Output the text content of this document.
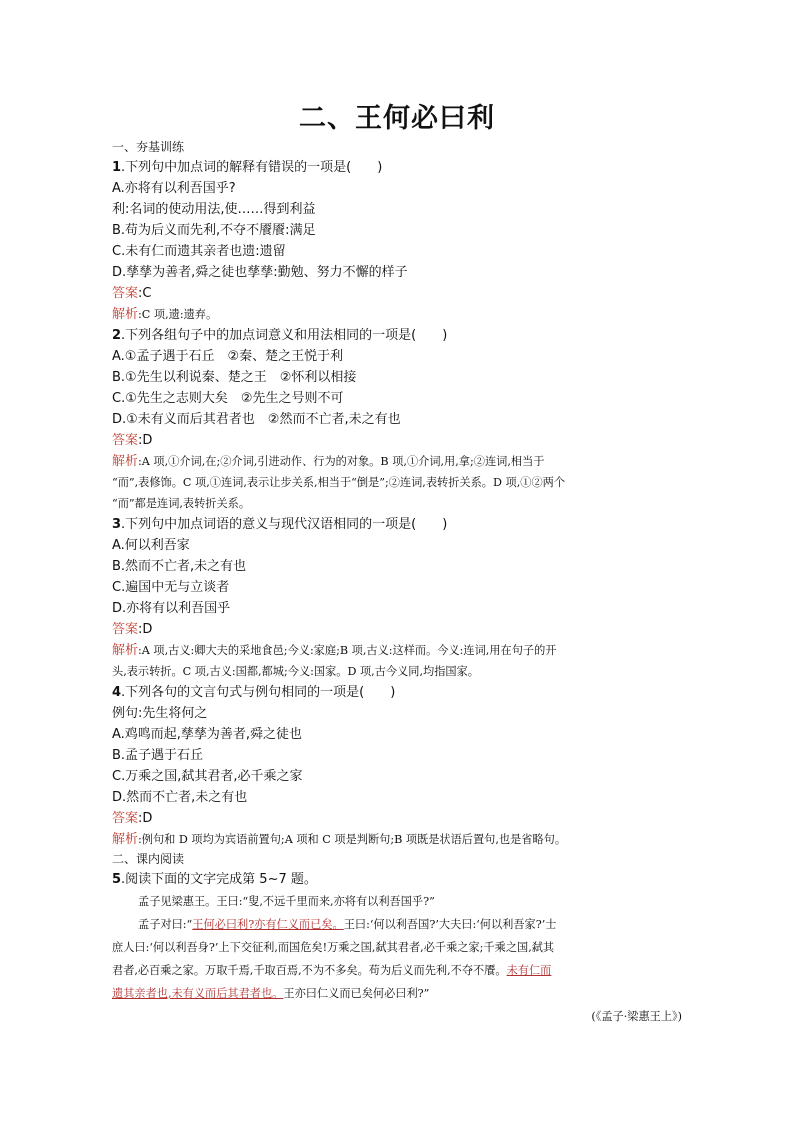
二、王何必曰利
一、夯基训练
1.下列句中加点词的解释有错误的一项是(　　)
A.亦将有以利吾国乎?
利:名词的使动用法,使……得到利益
B.苟为后义而先利,不夺不餍餍:满足
C.未有仁而遗其亲者也遗:遗留
D.孳孳为善者,舜之徒也孳孳:勤勉、努力不懈的样子
答案:C
解析:C 项,遗:遗弃。
2.下列各组句子中的加点词意义和用法相同的一项是(　　)
A.①孟子遇于石丘　②秦、楚之王悦于利
B.①先生以利说秦、楚之王　②怀利以相接
C.①先生之志则大矣　②先生之号则不可
D.①未有义而后其君者也　②然而不亡者,未之有也
答案:D
解析:A 项,①介词,在;②介词,引进动作、行为的对象。B 项,①介词,用,拿;②连词,相当于
“而”,表修饰。C 项,①连词,表示让步关系,相当于“倒是”;②连词,表转折关系。D 项,①②两个
“而”都是连词,表转折关系。
3.下列句中加点词语的意义与现代汉语相同的一项是(　　)
A.何以利吾家
B.然而不亡者,未之有也
C.遍国中无与立谈者
D.亦将有以利吾国乎
答案:D
解析:A 项,古义:卿大夫的采地食邑;今义:家庭;B 项,古义:这样而。今义:连词,用在句子的开
头,表示转折。C 项,古义:国都,都城;今义:国家。D 项,古今义同,均指国家。
4.下列各句的文言句式与例句相同的一项是(　　)
例句:先生将何之
A.鸡鸣而起,孳孳为善者,舜之徒也
B.孟子遇于石丘
C.万乘之国,弑其君者,必千乘之家
D.然而不亡者,未之有也
答案:D
解析:例句和 D 项均为宾语前置句;A 项和 C 项是判断句;B 项既是状语后置句,也是省略句。
二、课内阅读
5.阅读下面的文字完成第 5~7 题。
孟子见梁惠王。王曰:“叟,不远千里而来,亦将有以利吾国乎?”
孟子对曰:“王何必曰利?亦有仁义而已矣。王曰:‘何以利吾国?’大夫曰:‘何以利吾家?’士
庶人曰:‘何以利吾身?’上下交征利,而国危矣!万乘之国,弑其君者,必千乘之家;千乘之国,弑其
君者,必百乘之家。万取千焉,千取百焉,不为不多矣。苟为后义而先利,不夺不餍。未有仁而
遗其亲者也,未有义而后其君者也。王亦曰仁义而已矣何必曰利?”
(《孟子·梁惠王上》)
